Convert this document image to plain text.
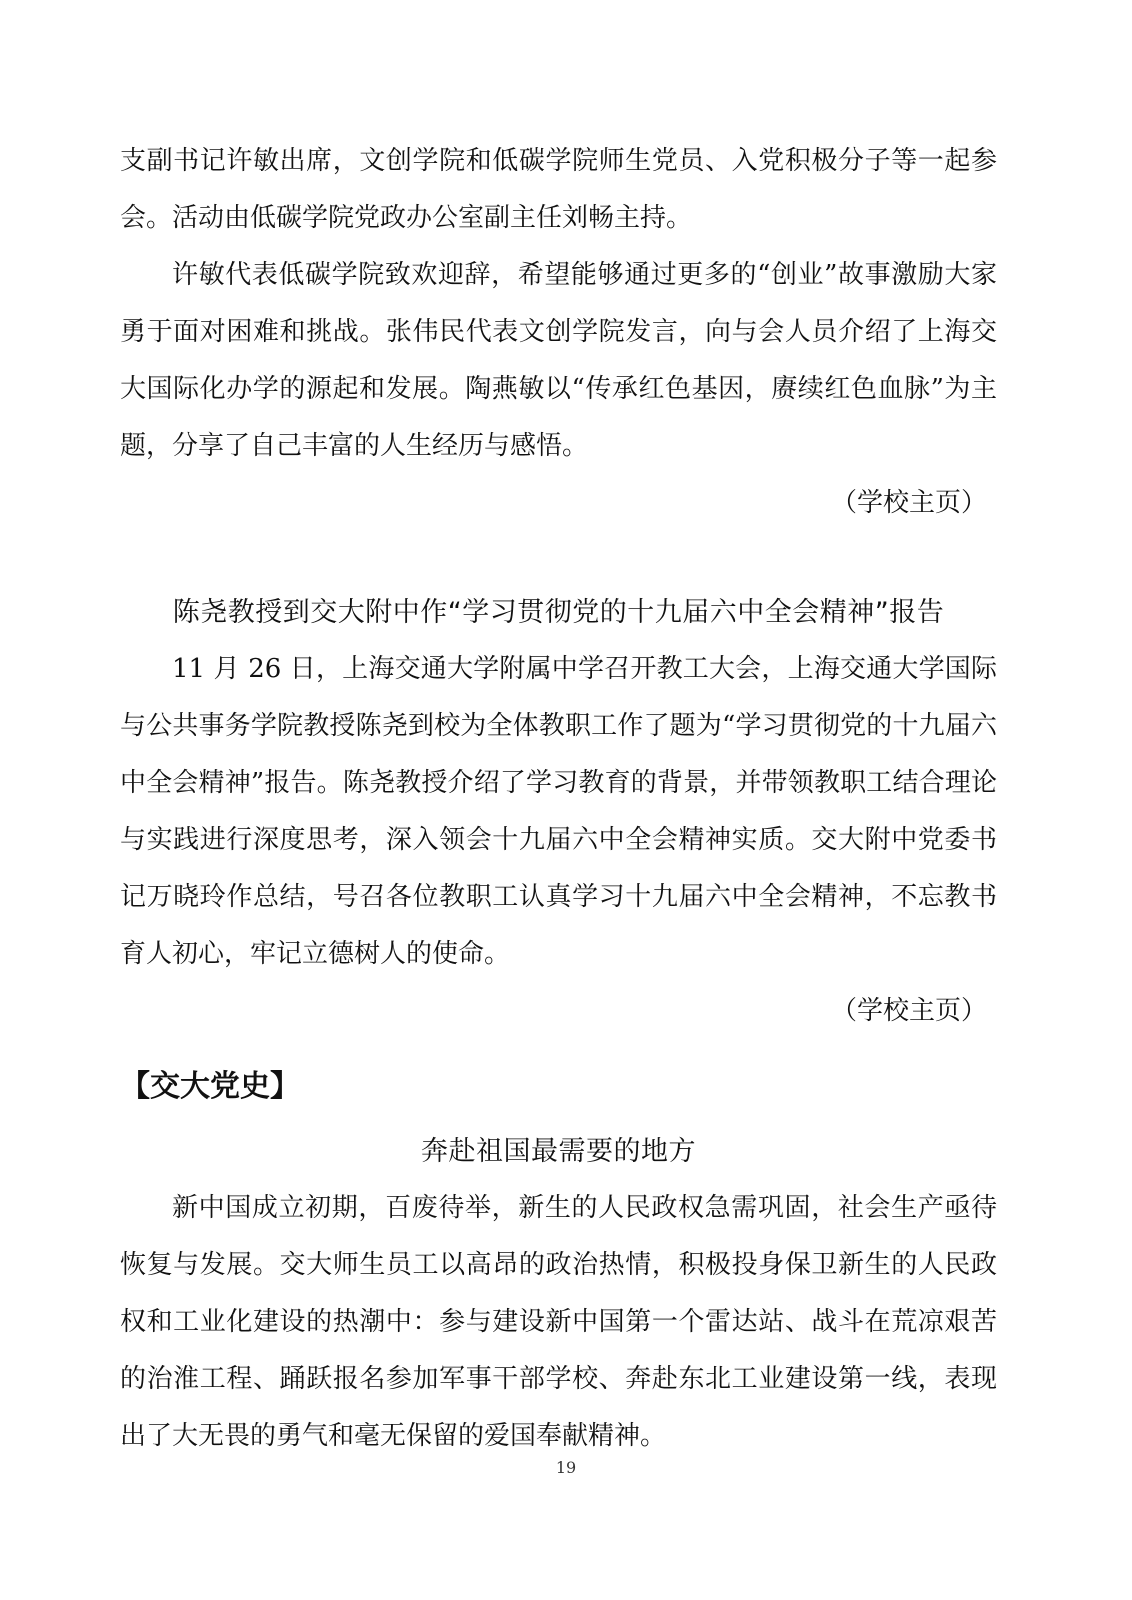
支副书记许敏出席，文创学院和低碳学院师生党员、入党积极分子等一起参会。活动由低碳学院党政办公室副主任刘畅主持。

许敏代表低碳学院致欢迎辞，希望能够通过更多的“创业”故事激励大家勇于面对困难和挑战。张伟民代表文创学院发言，向与会人员介绍了上海交大国际化办学的源起和发展。陶燕敏以“传承红色基因，赓续红色血脉”为主题，分享了自己丰富的人生经历与感悟。

（学校主页）
陈尧教授到交大附中作“学习贯彻党的十九届六中全会精神”报告

11 月 26 日，上海交通大学附属中学召开教工大会，上海交通大学国际与公共事务学院教授陈尧到校为全体教职工作了题为“学习贯彻党的十九届六中全会精神”报告。陈尧教授介绍了学习教育的背景，并带领教职工结合理论与实践进行深度思考，深入领会十九届六中全会精神实质。交大附中党委书记万晓玲作总结，号召各位教职工认真学习十九届六中全会精神，不忘教书育人初心，牢记立德树人的使命。

（学校主页）
【交大党史】
奔赴祖国最需要的地方

新中国成立初期，百废待举，新生的人民政权急需巩固，社会生产亟待恢复与发展。交大师生员工以高昂的政治热情，积极投身保卫新生的人民政权和工业化建设的热潮中：参与建设新中国第一个雷达站、战斗在荒凉艰苦的治淮工程、踊跃报名参加军事干部学校、奔赴东北工业建设第一线，表现出了大无畏的勇气和毫无保留的爱国奉献精神。

19
